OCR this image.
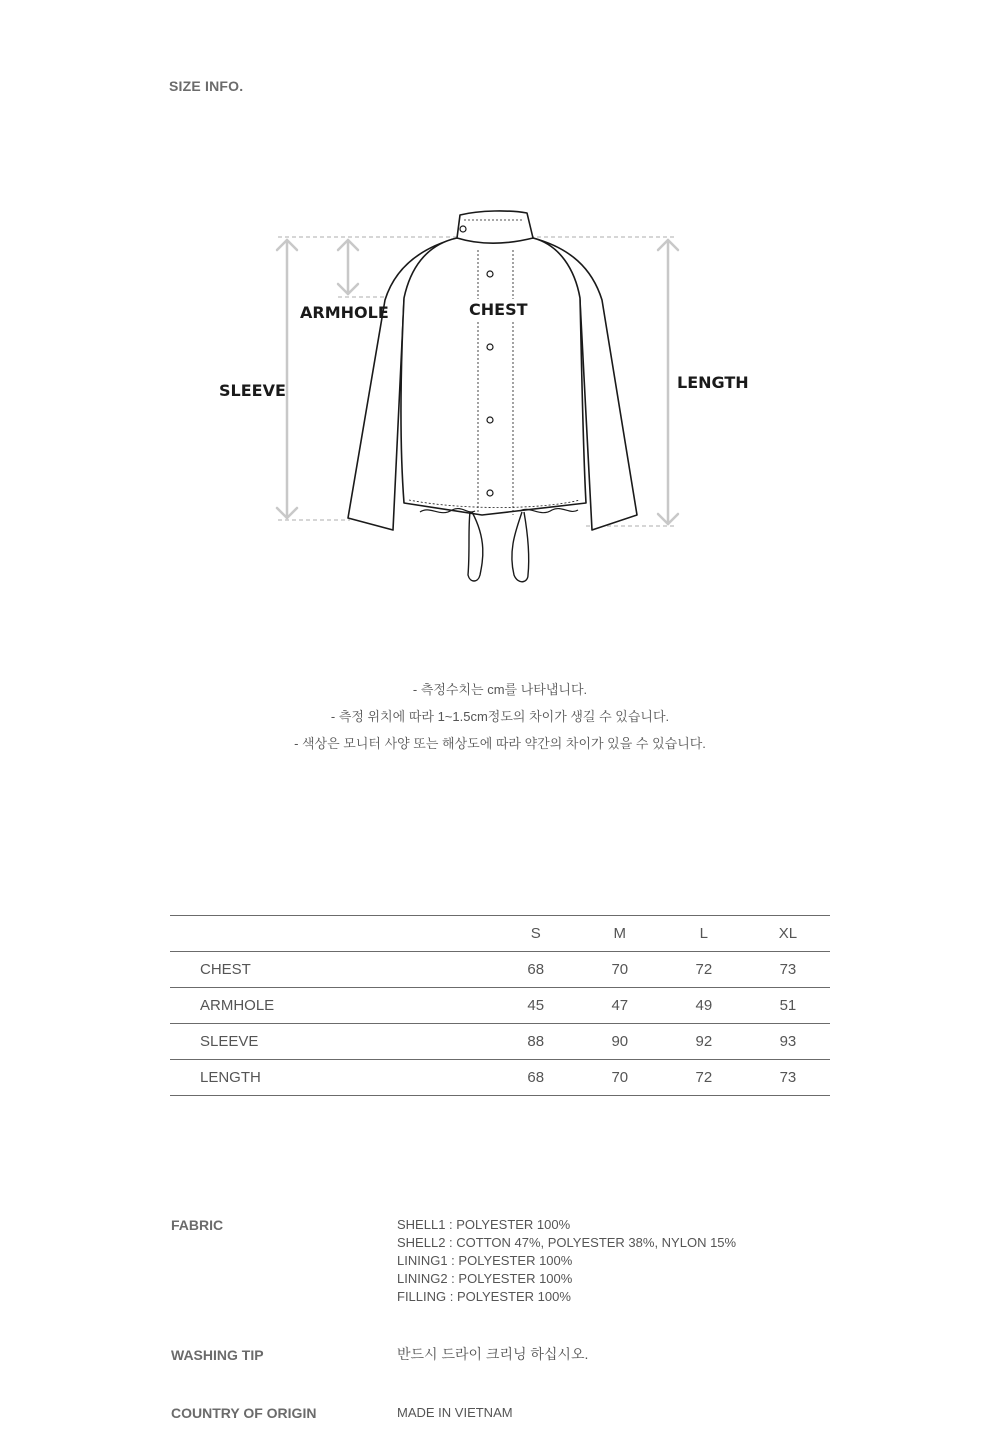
SIZE INFO.
ARMHOLE	CHEST
SLEEVE	LENGTH
- 측정수치는 cm를 나타냅니다.
- 측정 위치에 따라 1~1.5cm정도의 차이가 생길 수 있습니다.
- 색상은 모니터 사양 또는 해상도에 따라 약간의 차이가 있을 수 있습니다.
	S	M	L	XL
CHEST	68	70	72	73
ARMHOLE	45	47	49	51
SLEEVE	88	90	92	93
LENGTH	68	70	72	73
FABRIC	SHELL1 : POLYESTER 100%
SHELL2 : COTTON 47%, POLYESTER 38%, NYLON 15%
LINING1 : POLYESTER 100%
LINING2 : POLYESTER 100%
FILLING : POLYESTER 100%
WASHING TIP	반드시 드라이 크리닝 하십시오.
COUNTRY OF ORIGIN	MADE IN VIETNAM
